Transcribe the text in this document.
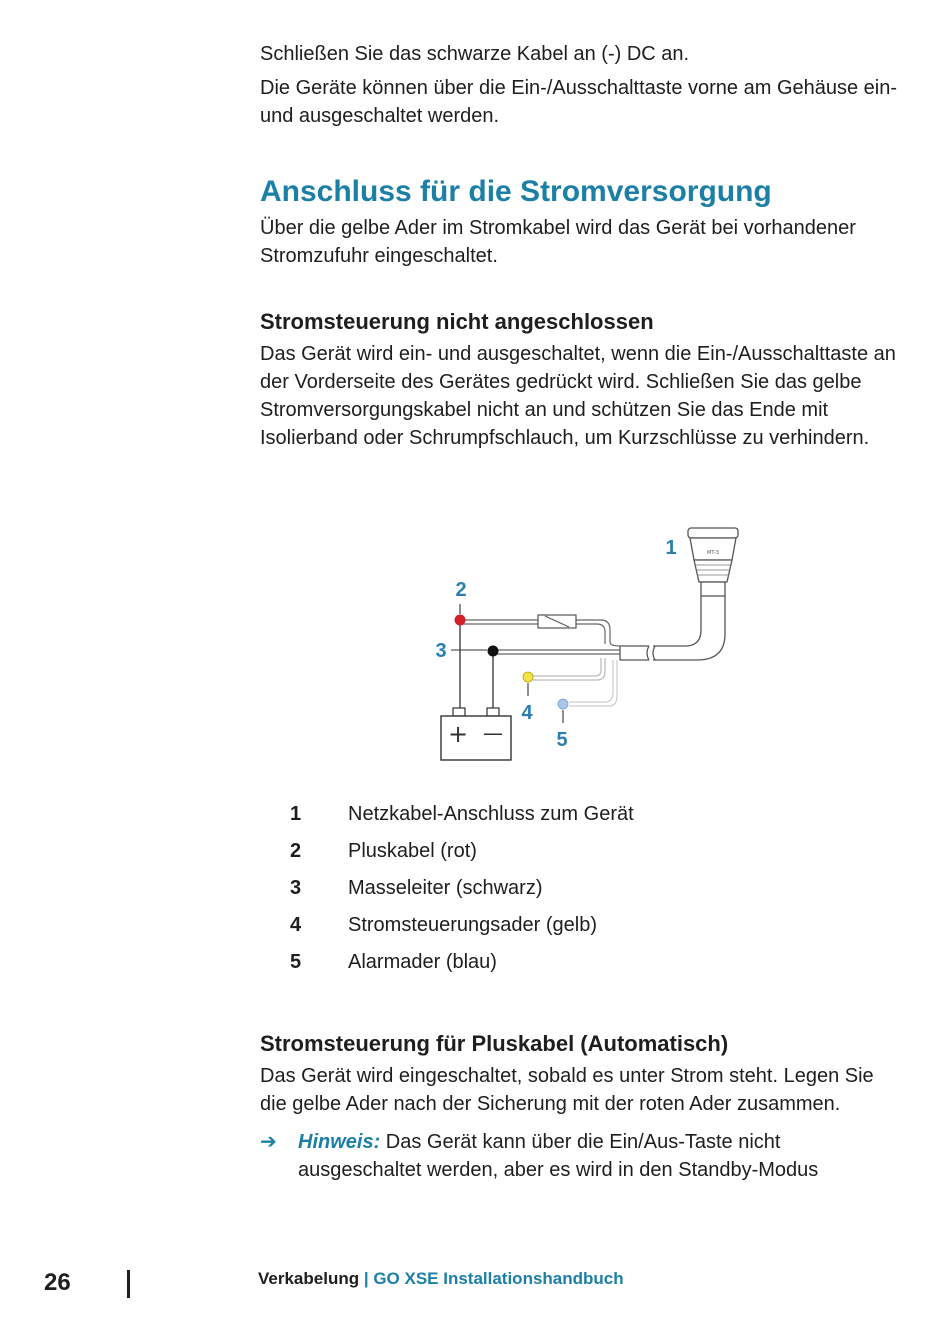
Schließen Sie das schwarze Kabel an (-) DC an.

Die Geräte können über die Ein-/Ausschalttaste vorne am Gehäuse ein- und ausgeschaltet werden.

Anschluss für die Stromversorgung

Über die gelbe Ader im Stromkabel wird das Gerät bei vorhandener Stromzufuhr eingeschaltet.

Stromsteuerung nicht angeschlossen

Das Gerät wird ein- und ausgeschaltet, wenn die Ein-/Ausschalttaste an der Vorderseite des Gerätes gedrückt wird. Schließen Sie das gelbe Stromversorgungskabel nicht an und schützen Sie das Ende mit Isolierband oder Schrumpfschlauch, um Kurzschlüsse zu verhindern.

MT-3
+ —
1
2
3
4
5
1	Netzkabel-Anschluss zum Gerät
2	Pluskabel (rot)
3	Masseleiter (schwarz)
4	Stromsteuerungsader (gelb)
5	Alarmader (blau)
Stromsteuerung für Pluskabel (Automatisch)

Das Gerät wird eingeschaltet, sobald es unter Strom steht. Legen Sie die gelbe Ader nach der Sicherung mit der roten Ader zusammen.

➔	Hinweis: Das Gerät kann über die Ein/Aus-Taste nicht ausgeschaltet werden, aber es wird in den Standby-Modus
26	Verkabelung | GO XSE Installationshandbuch
